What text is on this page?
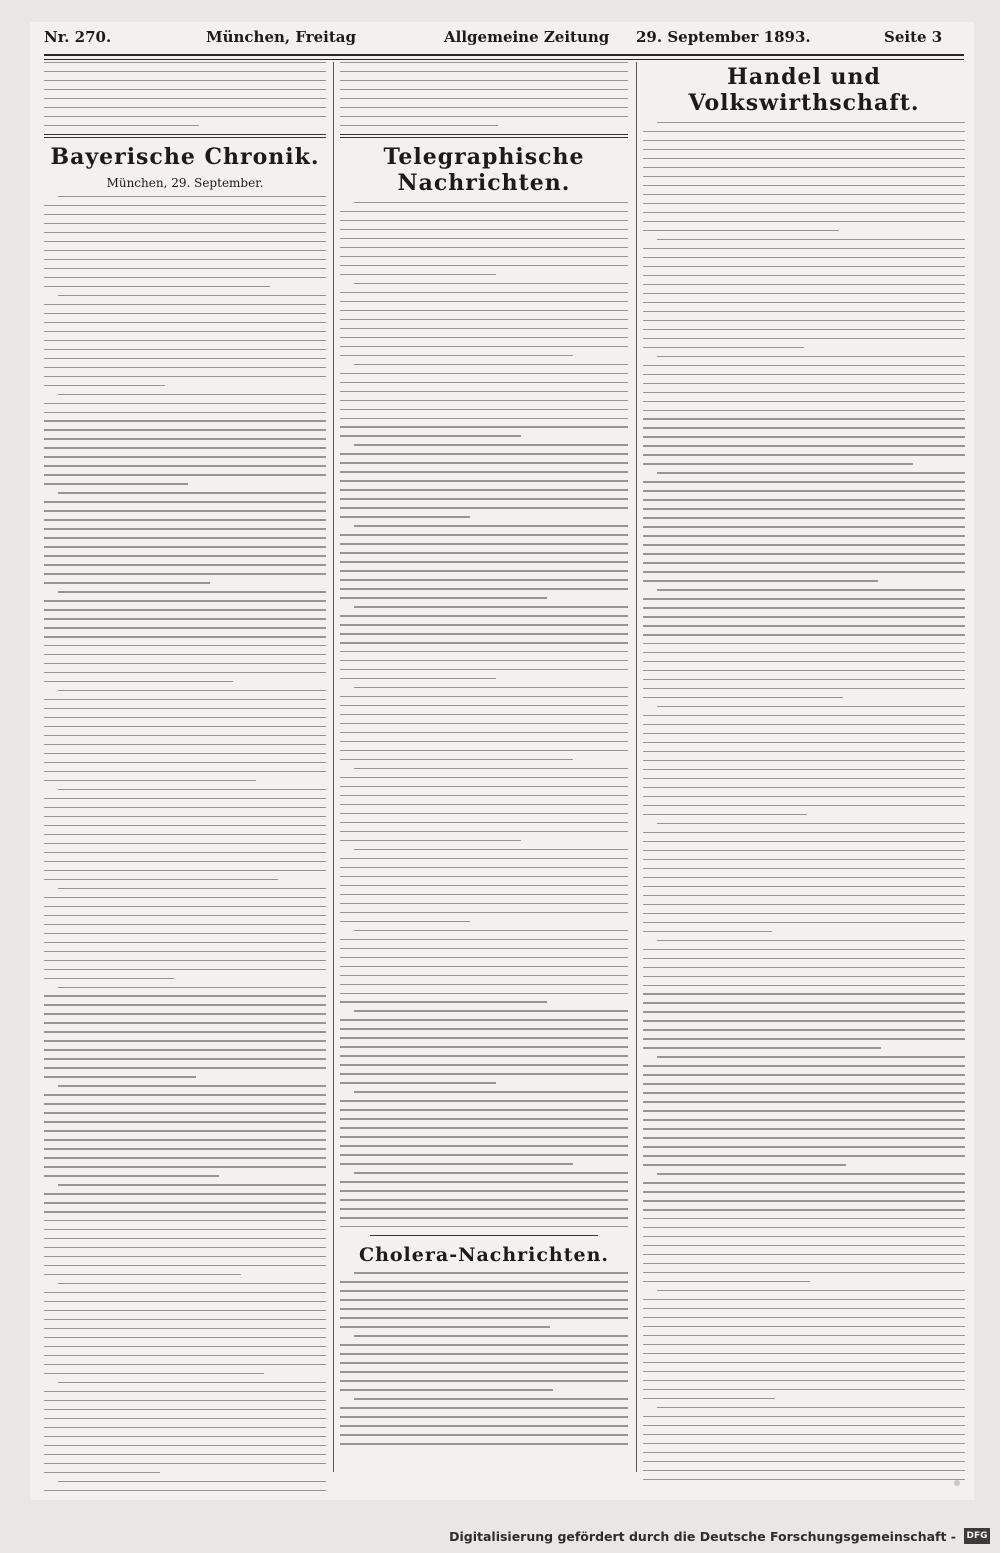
Nr. 270.	München, Freitag	Allgemeine Zeitung 29. September 1893.	Seite 3
Bayerische Chronik.
München, 29. September.
Telegraphische Nachrichten.
Cholera-Nachrichten.
Handel und Volkswirthschaft.
Digitalisierung gefördert durch die Deutsche Forschungsgemeinschaft - DFG
